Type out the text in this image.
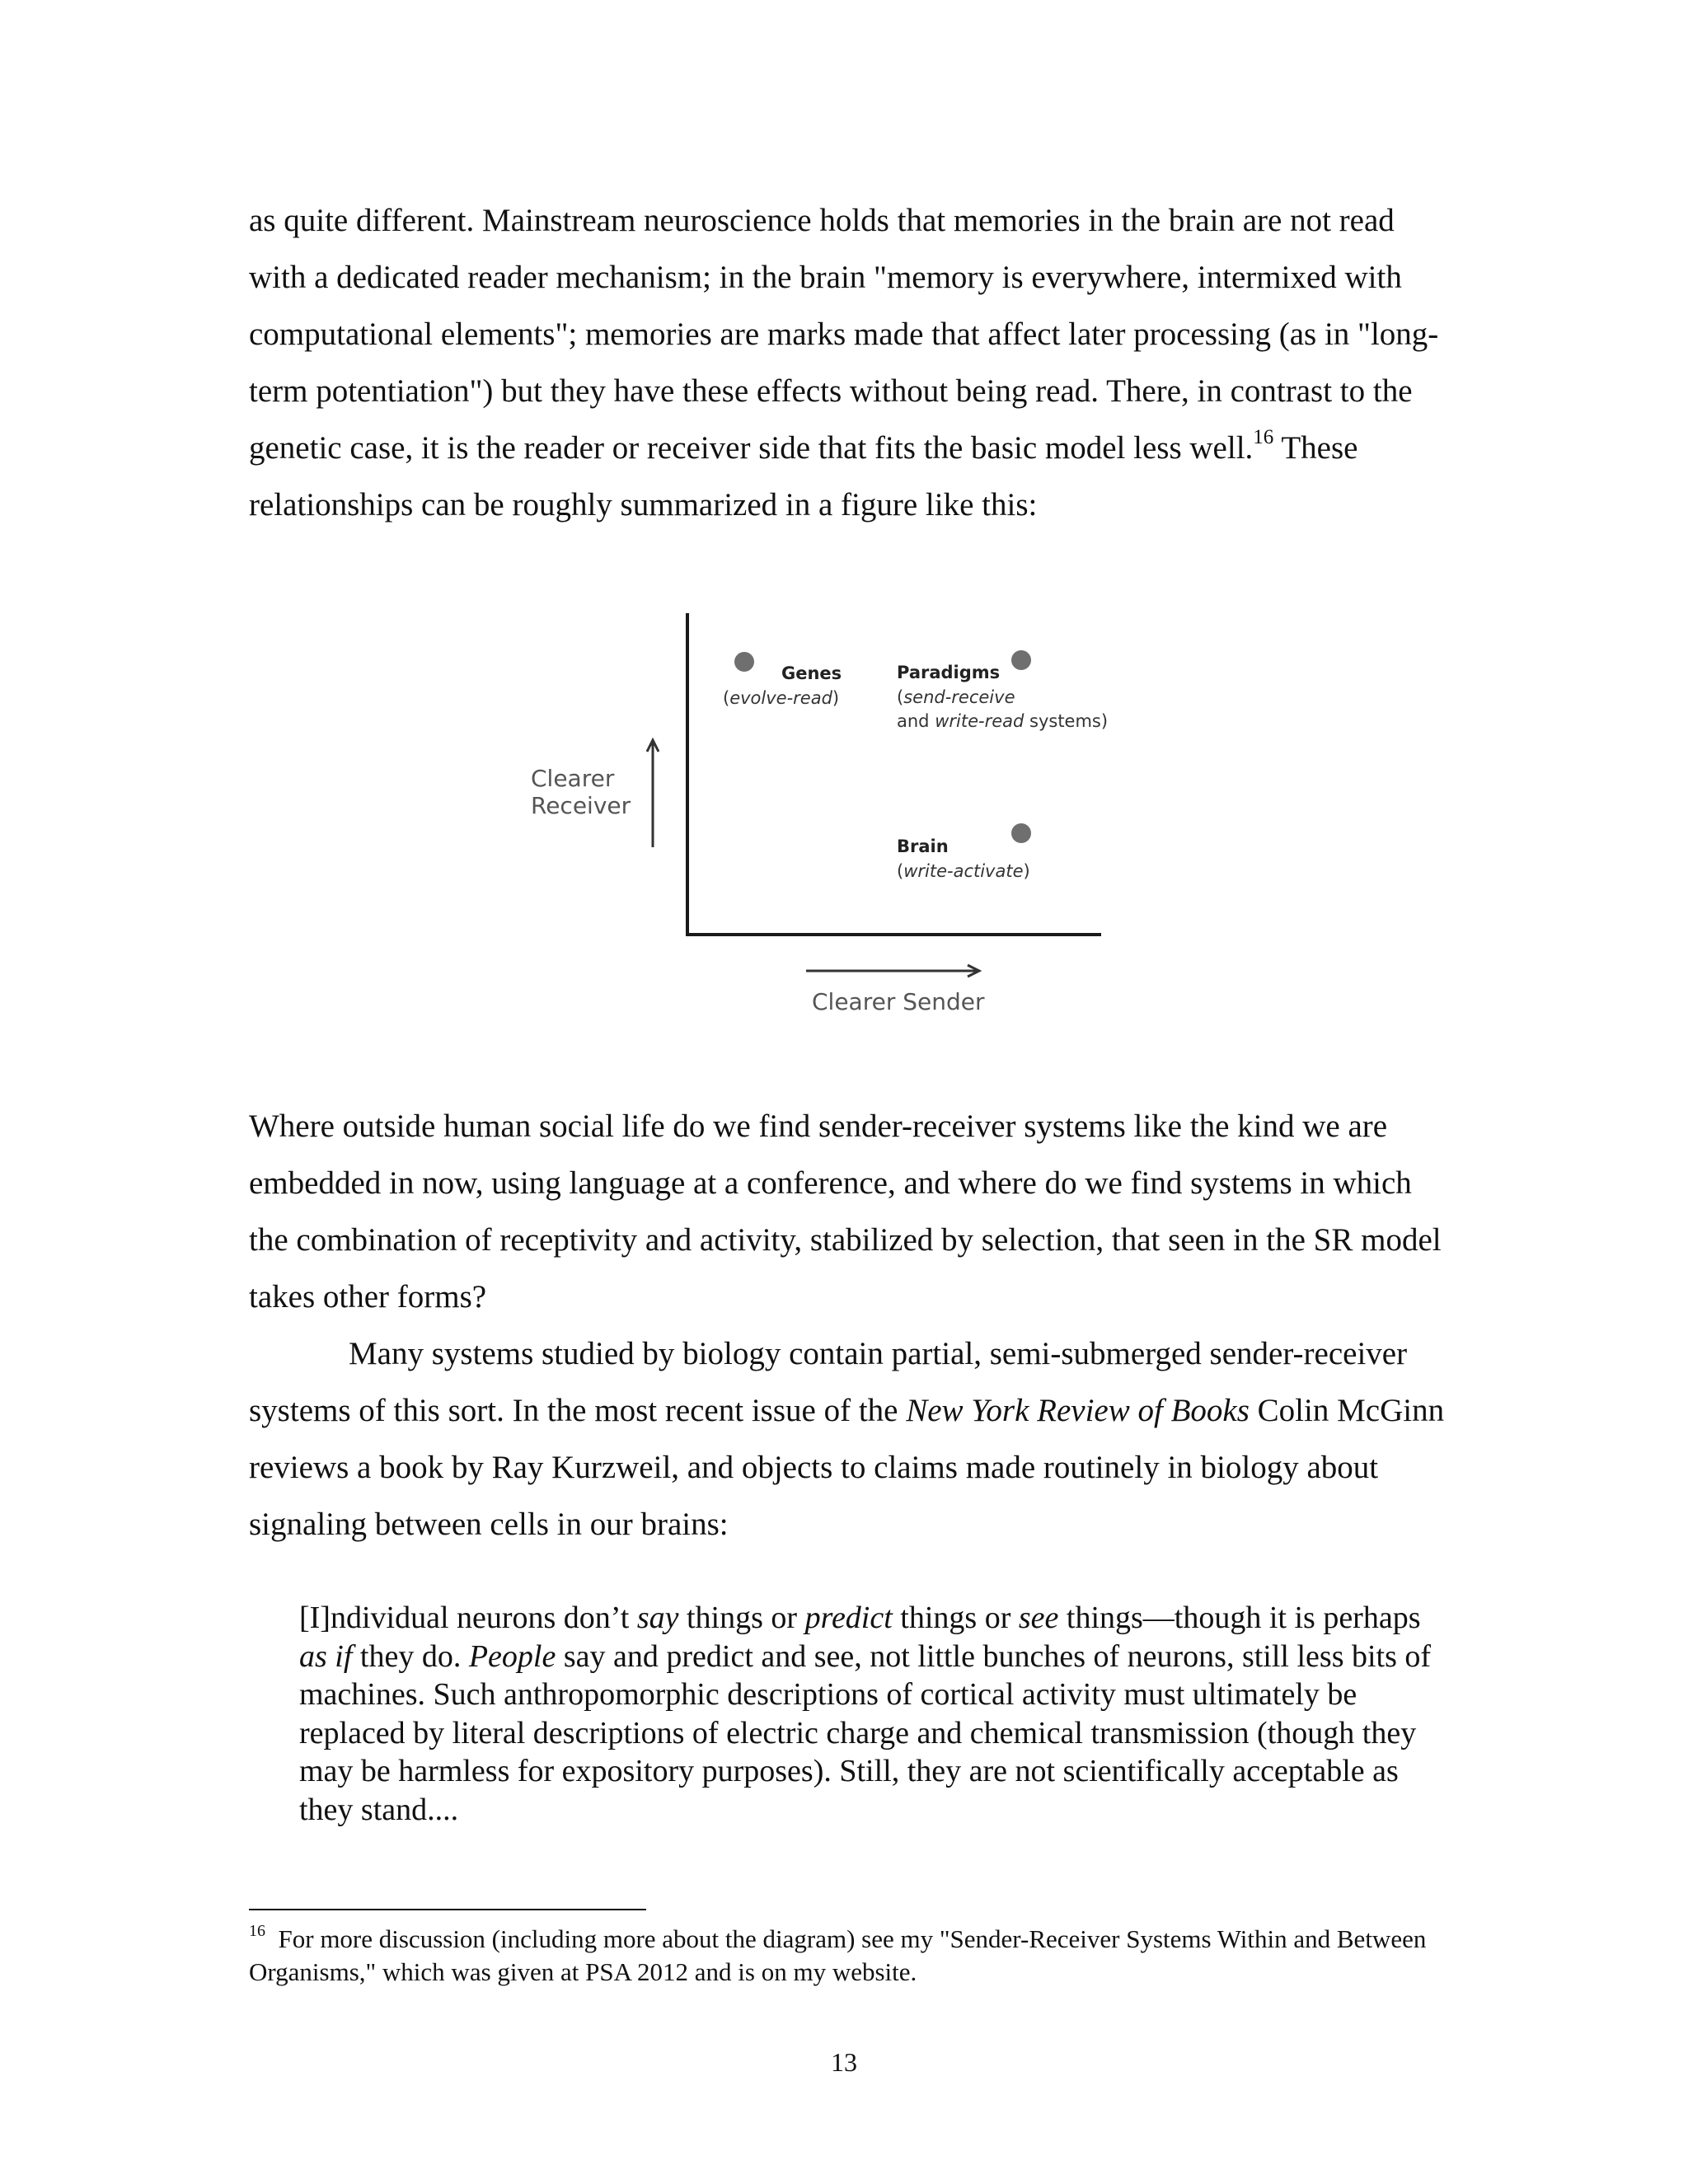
as quite different. Mainstream neuroscience holds that memories in the brain are not read with a dedicated reader mechanism; in the brain "memory is everywhere, intermixed with computational elements"; memories are marks made that affect later processing (as in "long-term potentiation") but they have these effects without being read. There, in contrast to the genetic case, it is the reader or receiver side that fits the basic model less well.$^{16}$ These relationships can be roughly summarized in a figure like this:

Clearer
Receiver
Clearer Sender
Genes
(evolve-read)
Paradigms
(send-receive
and write-read systems)
Brain
(write-activate)

Where outside human social life do we find sender-receiver systems like the kind we are embedded in now, using language at a conference, and where do we find systems in which the combination of receptivity and activity, stabilized by selection, that seen in the SR model takes other forms?

Many systems studied by biology contain partial, semi-submerged sender-receiver systems of this sort. In the most recent issue of the New York Review of Books Colin McGinn reviews a book by Ray Kurzweil, and objects to claims made routinely in biology about signaling between cells in our brains:

[I]ndividual neurons don’t say things or predict things or see things—though it is perhaps as if they do. People say and predict and see, not little bunches of neurons, still less bits of machines. Such anthropomorphic descriptions of cortical activity must ultimately be replaced by literal descriptions of electric charge and chemical transmission (though they may be harmless for expository purposes). Still, they are not scientifically acceptable as they stand....

$^{16}$  For more discussion (including more about the diagram) see my "Sender-Receiver Systems Within and Between Organisms," which was given at PSA 2012 and is on my website.

13
